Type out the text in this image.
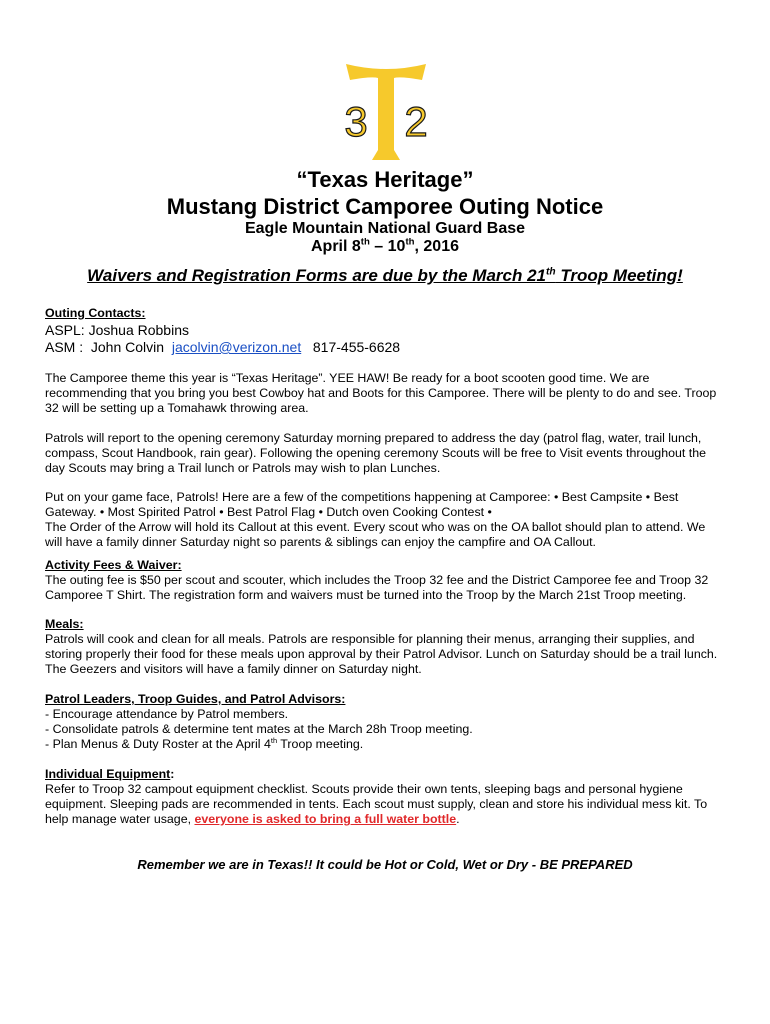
3 2
“Texas Heritage”
Mustang District Camporee Outing Notice
Eagle Mountain National Guard Base
April 8th – 10th, 2016
Waivers and Registration Forms are due by the March 21th Troop Meeting!

Outing Contacts:

ASPL: Joshua Robbins

ASM :  John Colvin  jacolvin@verizon.net   817-455-6628

The Camporee theme this year is “Texas Heritage”. YEE HAW! Be ready for a boot scooten good time. We are recommending that you bring you best Cowboy hat and Boots for this Camporee. There will be plenty to do and see. Troop 32 will be setting up a Tomahawk throwing area.

Patrols will report to the opening ceremony Saturday morning prepared to address the day (patrol flag, water, trail lunch, compass, Scout Handbook, rain gear). Following the opening ceremony Scouts will be free to Visit events throughout the day Scouts may bring a Trail lunch or Patrols may wish to plan Lunches.

Put on your game face, Patrols! Here are a few of the competitions happening at Camporee: • Best Campsite • Best Gateway. • Most Spirited Patrol • Best Patrol Flag • Dutch oven Cooking Contest •

The Order of the Arrow will hold its Callout at this event. Every scout who was on the OA ballot should plan to attend. We will have a family dinner Saturday night so parents & siblings can enjoy the campfire and OA Callout.

Activity Fees & Waiver:

The outing fee is $50 per scout and scouter, which includes the Troop 32 fee and the District Camporee fee and Troop 32 Camporee T Shirt. The registration form and waivers must be turned into the Troop by the March 21st Troop meeting.

Meals:

Patrols will cook and clean for all meals. Patrols are responsible for planning their menus, arranging their supplies, and storing properly their food for these meals upon approval by their Patrol Advisor. Lunch on Saturday should be a trail lunch. The Geezers and visitors will have a family dinner on Saturday night.

Patrol Leaders, Troop Guides, and Patrol Advisors:

- Encourage attendance by Patrol members.

- Consolidate patrols & determine tent mates at the March 28h Troop meeting.

- Plan Menus & Duty Roster at the April 4th Troop meeting.

Individual Equipment:

Refer to Troop 32 campout equipment checklist. Scouts provide their own tents, sleeping bags and personal hygiene equipment. Sleeping pads are recommended in tents. Each scout must supply, clean and store his individual mess kit. To help manage water usage, everyone is asked to bring a full water bottle.

Remember we are in Texas!! It could be Hot or Cold, Wet or Dry - BE PREPARED
